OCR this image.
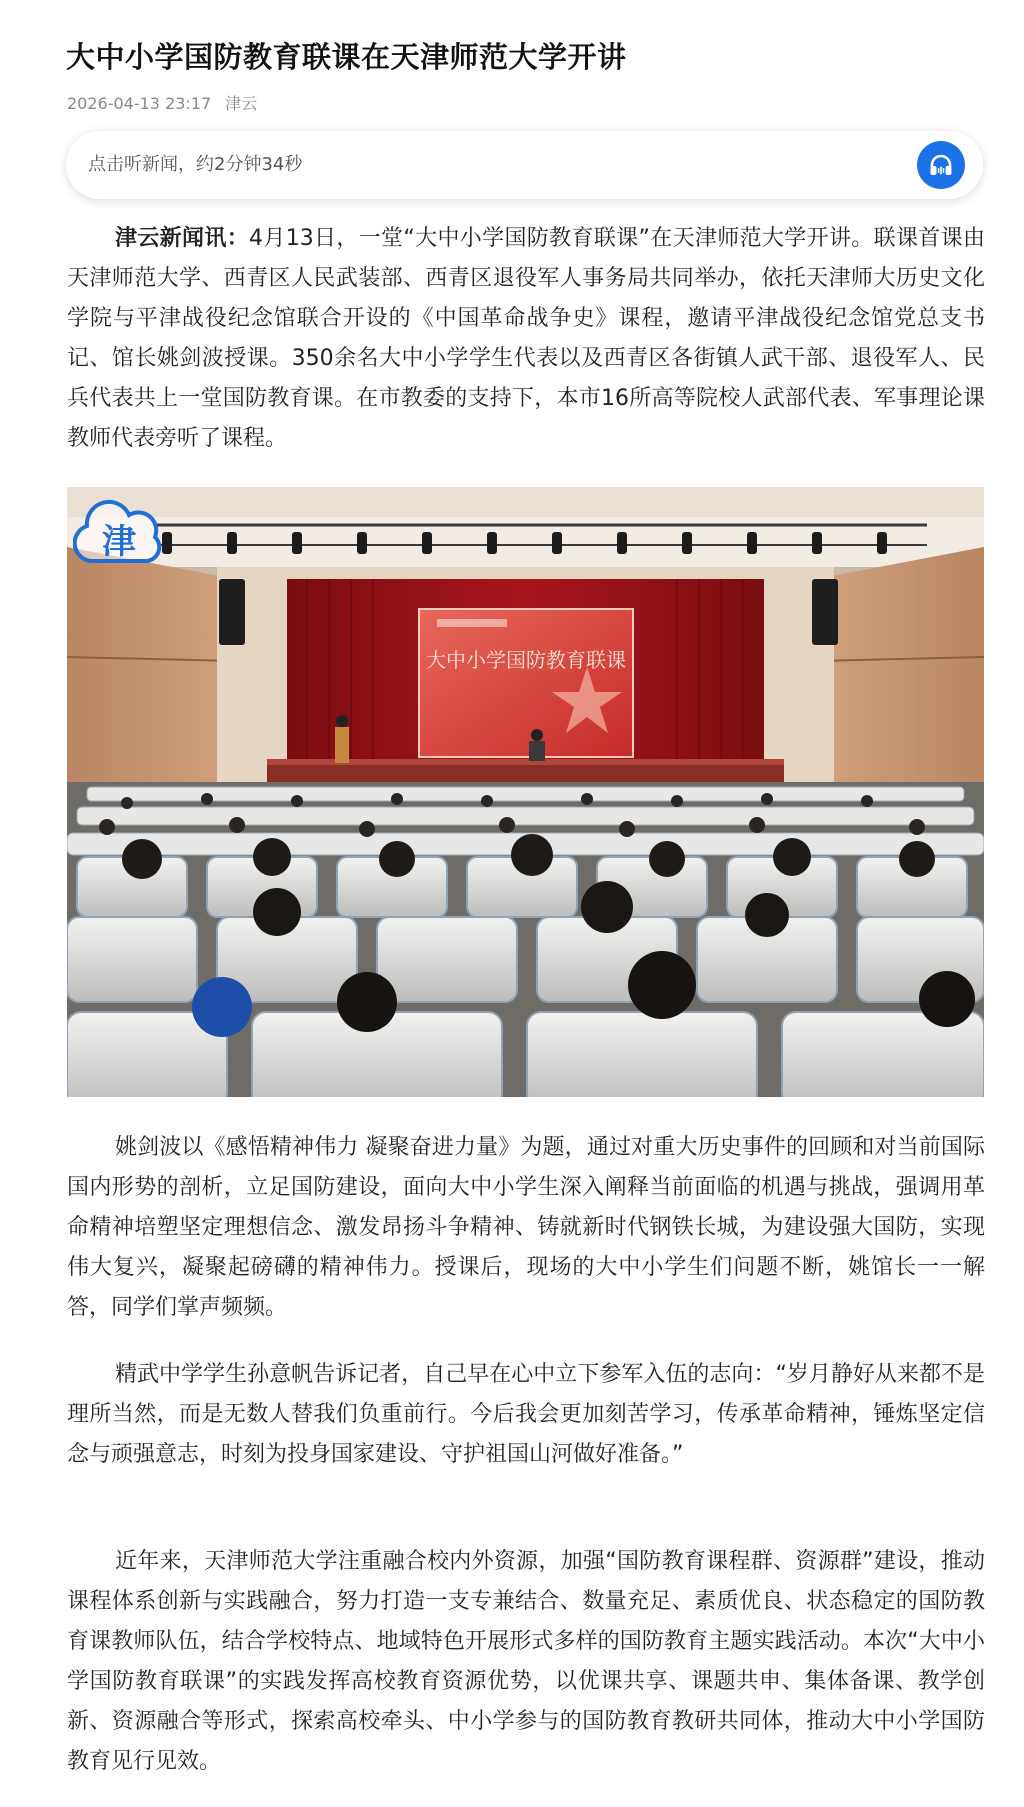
大中小学国防教育联课在天津师范大学开讲
2026-04-13 23:17 津云
点击听新闻，约2分钟34秒

津云新闻讯：4月13日，一堂“大中小学国防教育联课”在天津师范大学开讲。联课首课由天津师范大学、西青区人民武装部、西青区退役军人事务局共同举办，依托天津师大历史文化学院与平津战役纪念馆联合开设的《中国革命战争史》课程，邀请平津战役纪念馆党总支书记、馆长姚剑波授课。350余名大中小学学生代表以及西青区各街镇人武干部、退役军人、民兵代表共上一堂国防教育课。在市教委的支持下，本市16所高等院校人武部代表、军事理论课教师代表旁听了课程。

大中小学国防教育联课
津

姚剑波以《感悟精神伟力 凝聚奋进力量》为题，通过对重大历史事件的回顾和对当前国际国内形势的剖析，立足国防建设，面向大中小学生深入阐释当前面临的机遇与挑战，强调用革命精神培塑坚定理想信念、激发昂扬斗争精神、铸就新时代钢铁长城，为建设强大国防，实现伟大复兴，凝聚起磅礴的精神伟力。授课后，现场的大中小学生们问题不断，姚馆长一一解答，同学们掌声频频。

精武中学学生孙意帆告诉记者，自己早在心中立下参军入伍的志向：“岁月静好从来都不是理所当然，而是无数人替我们负重前行。今后我会更加刻苦学习，传承革命精神，锤炼坚定信念与顽强意志，时刻为投身国家建设、守护祖国山河做好准备。”

近年来，天津师范大学注重融合校内外资源，加强“国防教育课程群、资源群”建设，推动课程体系创新与实践融合，努力打造一支专兼结合、数量充足、素质优良、状态稳定的国防教育课教师队伍，结合学校特点、地域特色开展形式多样的国防教育主题实践活动。本次“大中小学国防教育联课”的实践发挥高校教育资源优势，以优课共享、课题共申、集体备课、教学创新、资源融合等形式，探索高校牵头、中小学参与的国防教育教研共同体，推动大中小学国防教育见行见效。
